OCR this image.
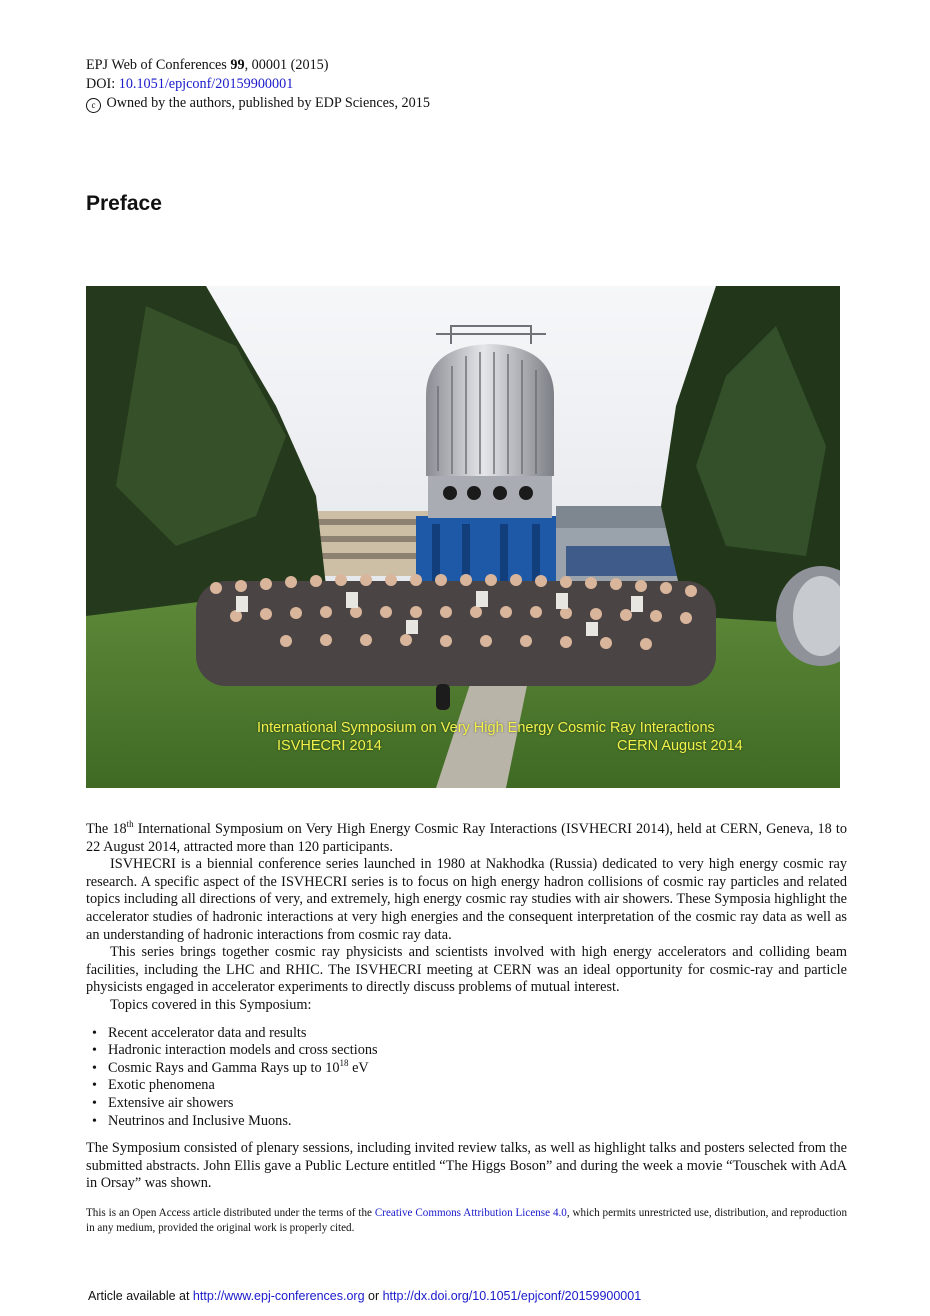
EPJ Web of Conferences 99, 00001 (2015)
DOI: 10.1051/epjconf/20159900001
c Owned by the authors, published by EDP Sciences, 2015
Preface
International Symposium on Very High Energy Cosmic Ray Interactions
ISVHECRI 2014	CERN August 2014

The 18th International Symposium on Very High Energy Cosmic Ray Interactions (ISVHECRI 2014), held at CERN, Geneva, 18 to 22 August 2014, attracted more than 120 participants.

ISVHECRI is a biennial conference series launched in 1980 at Nakhodka (Russia) dedicated to very high energy cosmic ray research. A specific aspect of the ISVHECRI series is to focus on high energy hadron collisions of cosmic ray particles and related topics including all directions of very, and extremely, high energy cosmic ray studies with air showers. These Symposia highlight the accelerator studies of hadronic interactions at very high energies and the consequent interpretation of the cosmic ray data as well as an understanding of hadronic interactions from cosmic ray data.

This series brings together cosmic ray physicists and scientists involved with high energy accelerators and colliding beam facilities, including the LHC and RHIC. The ISVHECRI meeting at CERN was an ideal opportunity for cosmic-ray and particle physicists engaged in accelerator experiments to directly discuss problems of mutual interest.

Topics covered in this Symposium:

• Recent accelerator data and results
• Hadronic interaction models and cross sections
• Cosmic Rays and Gamma Rays up to $10^{18}$ eV
• Exotic phenomena
• Extensive air showers
• Neutrinos and Inclusive Muons.

The Symposium consisted of plenary sessions, including invited review talks, as well as highlight talks and posters selected from the submitted abstracts. John Ellis gave a Public Lecture entitled “The Higgs Boson” and during the week a movie “Touschek with AdA in Orsay” was shown.

This is an Open Access article distributed under the terms of the Creative Commons Attribution License 4.0, which permits unrestricted use, distribution, and reproduction in any medium, provided the original work is properly cited.
Article available at http://www.epj-conferences.org or http://dx.doi.org/10.1051/epjconf/20159900001
